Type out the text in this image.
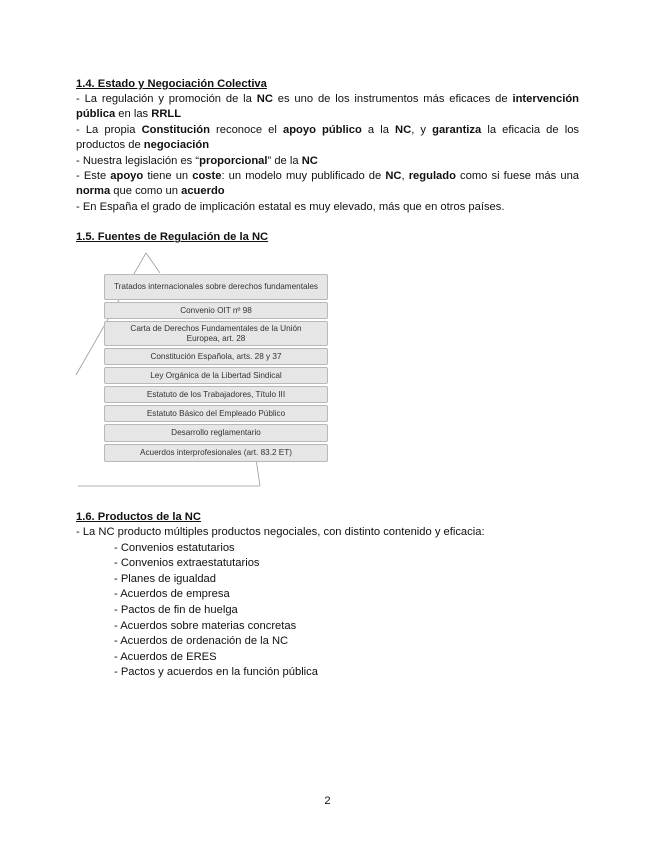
1.4. Estado y Negociación Colectiva
- La regulación y promoción de la NC es uno de los instrumentos más eficaces de intervención pública en las RRLL
- La propia Constitución reconoce el apoyo público a la NC, y garantiza la eficacia de los productos de negociación
- Nuestra legislación es “proporcional” de la NC
- Este apoyo tiene un coste: un modelo muy publificado de NC, regulado como si fuese más una norma que como un acuerdo
- En España el grado de implicación estatal es muy elevado, más que en otros países.
1.5. Fuentes de Regulación de la NC
Tratados internacionales sobre derechos fundamentales
Convenio OIT nº 98
Carta de Derechos Fundamentales de la Unión Europea, art. 28
Constitución Española, arts. 28 y 37
Ley Orgánica de la Libertad Sindical
Estatuto de los Trabajadores, Título III
Estatuto Básico del Empleado Público
Desarrollo reglamentario
Acuerdos interprofesionales (art. 83.2 ET)
1.6. Productos de la NC
- La NC producto múltiples productos negociales, con distinto contenido y eficacia:
- Convenios estatutarios
- Convenios extraestatutarios
- Planes de igualdad
- Acuerdos de empresa
- Pactos de fin de huelga
- Acuerdos sobre materias concretas
- Acuerdos de ordenación de la NC
- Acuerdos de ERES
- Pactos y acuerdos en la función pública
2
